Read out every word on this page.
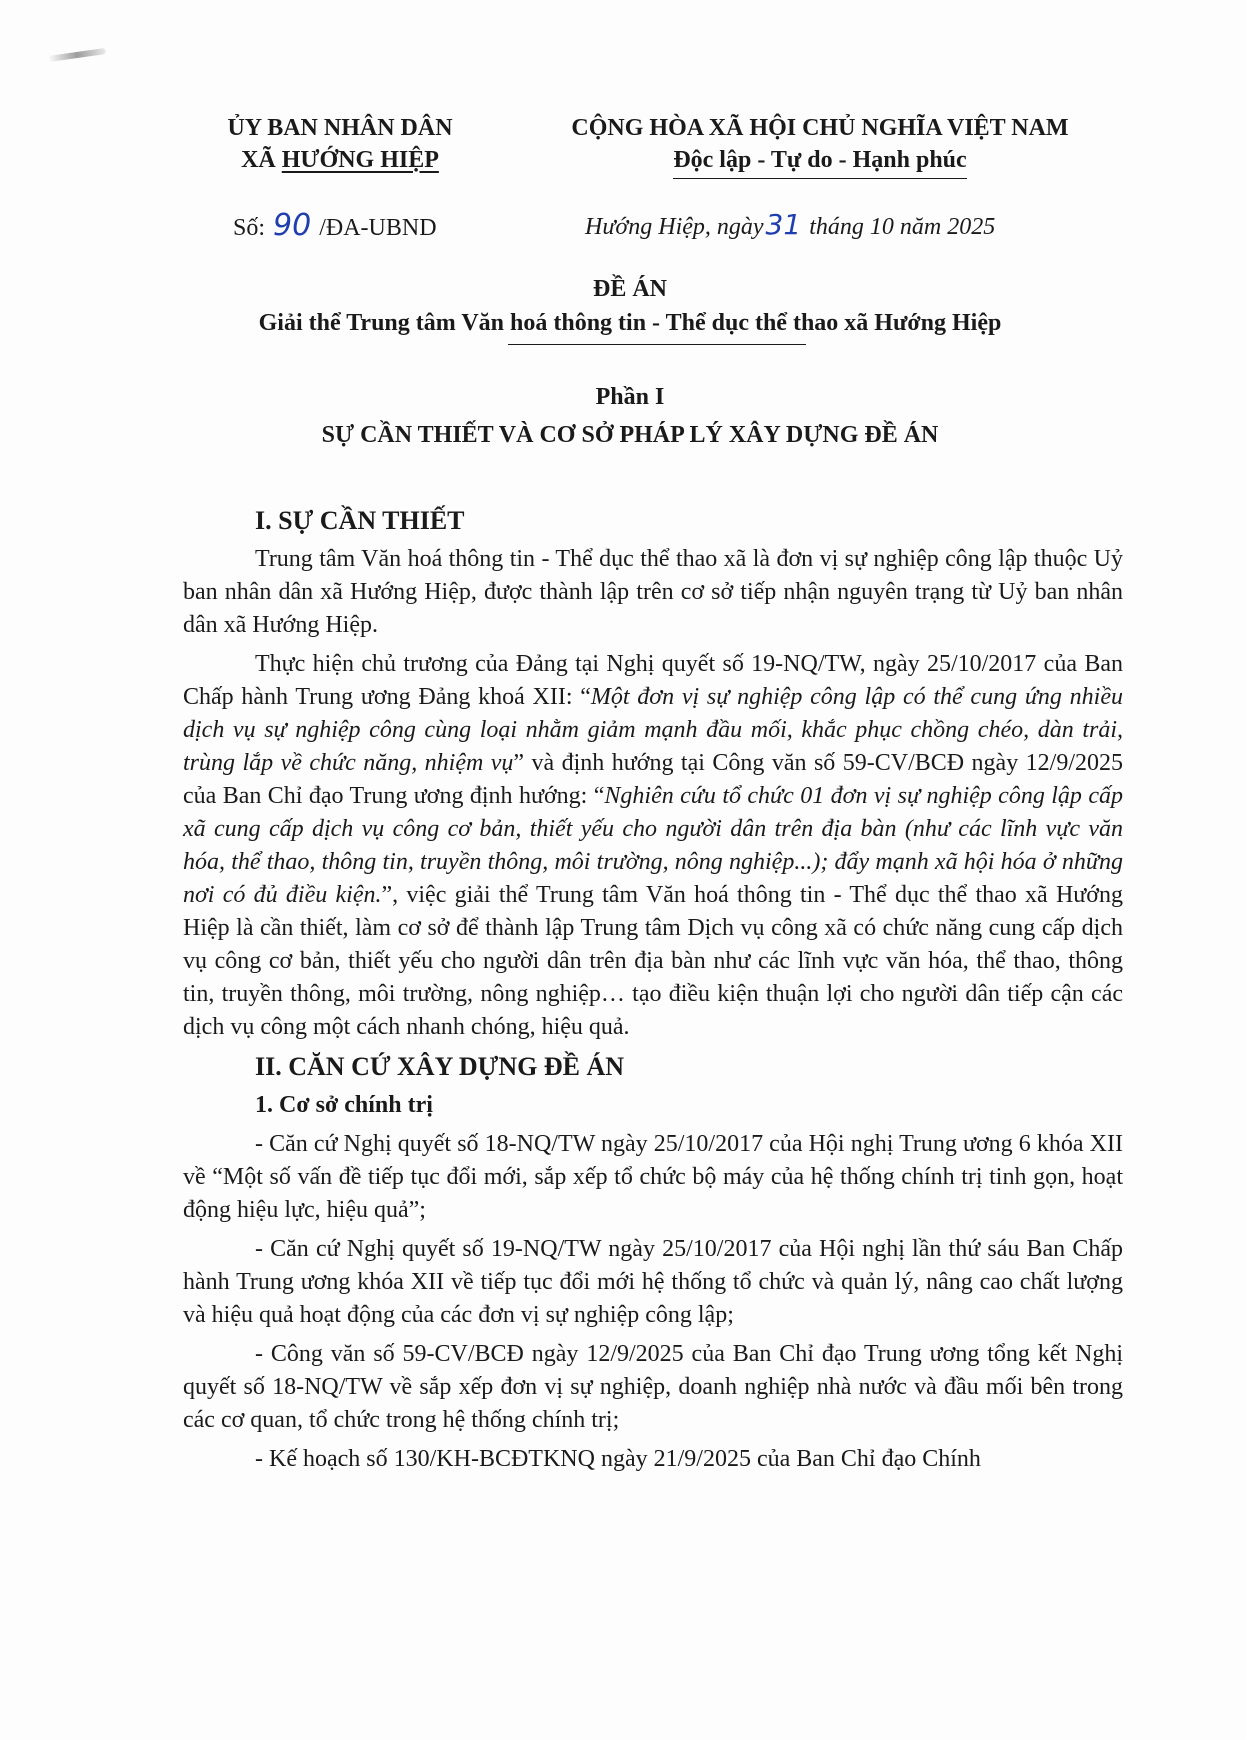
ỦY BAN NHÂN DÂN
XÃ HƯỚNG HIỆP
CỘNG HÒA XÃ HỘI CHỦ NGHĨA VIỆT NAM
Độc lập - Tự do - Hạnh phúc
Số: 90 /ĐA-UBND	Hướng Hiệp, ngày31 tháng 10 năm 2025
ĐỀ ÁN
Giải thể Trung tâm Văn hoá thông tin - Thể dục thể thao xã Hướng Hiệp
Phần I
SỰ CẦN THIẾT VÀ CƠ SỞ PHÁP LÝ XÂY DỰNG ĐỀ ÁN

I. SỰ CẦN THIẾT

Trung tâm Văn hoá thông tin - Thể dục thể thao xã là đơn vị sự nghiệp công lập thuộc Uỷ ban nhân dân xã Hướng Hiệp, được thành lập trên cơ sở tiếp nhận nguyên trạng từ Uỷ ban nhân dân xã Hướng Hiệp.

Thực hiện chủ trương của Đảng tại Nghị quyết số 19-NQ/TW, ngày 25/10/2017 của Ban Chấp hành Trung ương Đảng khoá XII: “Một đơn vị sự nghiệp công lập có thể cung ứng nhiều dịch vụ sự nghiệp công cùng loại nhằm giảm mạnh đầu mối, khắc phục chồng chéo, dàn trải, trùng lắp về chức năng, nhiệm vụ” và định hướng tại Công văn số 59-CV/BCĐ ngày 12/9/2025 của Ban Chỉ đạo Trung ương định hướng: “Nghiên cứu tổ chức 01 đơn vị sự nghiệp công lập cấp xã cung cấp dịch vụ công cơ bản, thiết yếu cho người dân trên địa bàn (như các lĩnh vực văn hóa, thể thao, thông tin, truyền thông, môi trường, nông nghiệp...); đẩy mạnh xã hội hóa ở những nơi có đủ điều kiện.”, việc giải thể Trung tâm Văn hoá thông tin - Thể dục thể thao xã Hướng Hiệp là cần thiết, làm cơ sở để thành lập Trung tâm Dịch vụ công xã có chức năng cung cấp dịch vụ công cơ bản, thiết yếu cho người dân trên địa bàn như các lĩnh vực văn hóa, thể thao, thông tin, truyền thông, môi trường, nông nghiệp… tạo điều kiện thuận lợi cho người dân tiếp cận các dịch vụ công một cách nhanh chóng, hiệu quả.

II. CĂN CỨ XÂY DỰNG ĐỀ ÁN

1. Cơ sở chính trị

- Căn cứ Nghị quyết số 18-NQ/TW ngày 25/10/2017 của Hội nghị Trung ương 6 khóa XII về “Một số vấn đề tiếp tục đổi mới, sắp xếp tổ chức bộ máy của hệ thống chính trị tinh gọn, hoạt động hiệu lực, hiệu quả”;

- Căn cứ Nghị quyết số 19-NQ/TW ngày 25/10/2017 của Hội nghị lần thứ sáu Ban Chấp hành Trung ương khóa XII về tiếp tục đổi mới hệ thống tổ chức và quản lý, nâng cao chất lượng và hiệu quả hoạt động của các đơn vị sự nghiệp công lập;

- Công văn số 59-CV/BCĐ ngày 12/9/2025 của Ban Chỉ đạo Trung ương tổng kết Nghị quyết số 18-NQ/TW về sắp xếp đơn vị sự nghiệp, doanh nghiệp nhà nước và đầu mối bên trong các cơ quan, tổ chức trong hệ thống chính trị;

- Kế hoạch số 130/KH-BCĐTKNQ ngày 21/9/2025 của Ban Chỉ đạo Chính
